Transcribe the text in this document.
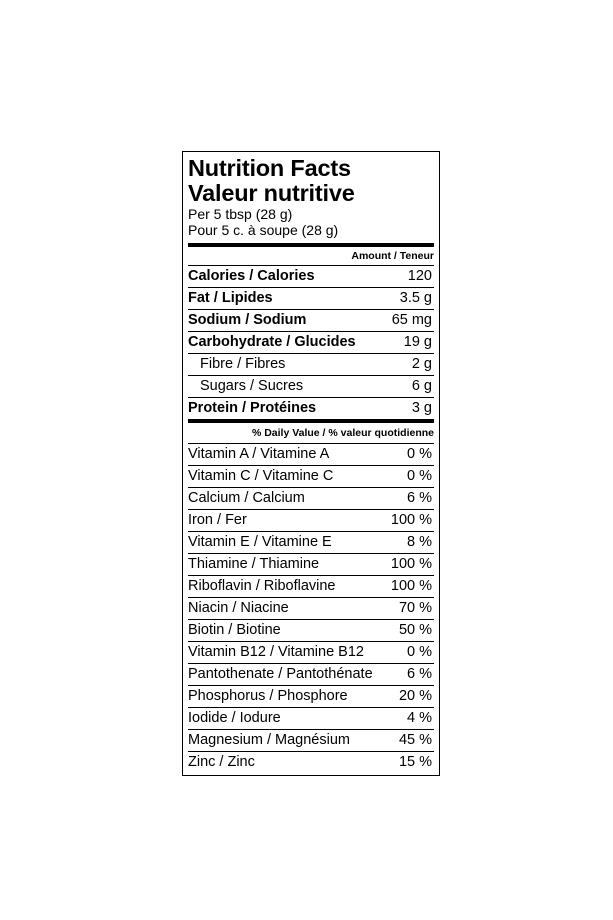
Nutrition Facts
Valeur nutritive
Per 5 tbsp (28 g)
Pour 5 c. à soupe (28 g)
Amount / Teneur
Calories / Calories	120
Fat / Lipides	3.5 g
Sodium / Sodium	65 mg
Carbohydrate / Glucides	19 g
Fibre / Fibres	2 g
Sugars / Sucres	6 g
Protein / Protéines	3 g
% Daily Value / % valeur quotidienne
Vitamin A / Vitamine A	0 %
Vitamin C / Vitamine C	0 %
Calcium / Calcium	6 %
Iron / Fer	100 %
Vitamin E / Vitamine E	8 %
Thiamine / Thiamine	100 %
Riboflavin / Riboflavine	100 %
Niacin / Niacine	70 %
Biotin / Biotine	50 %
Vitamin B12 / Vitamine B12	0 %
Pantothenate / Pantothénate 6 %
Phosphorus / Phosphore	20 %
Iodide / Iodure	4 %
Magnesium / Magnésium	45 %
Zinc / Zinc	15 %
